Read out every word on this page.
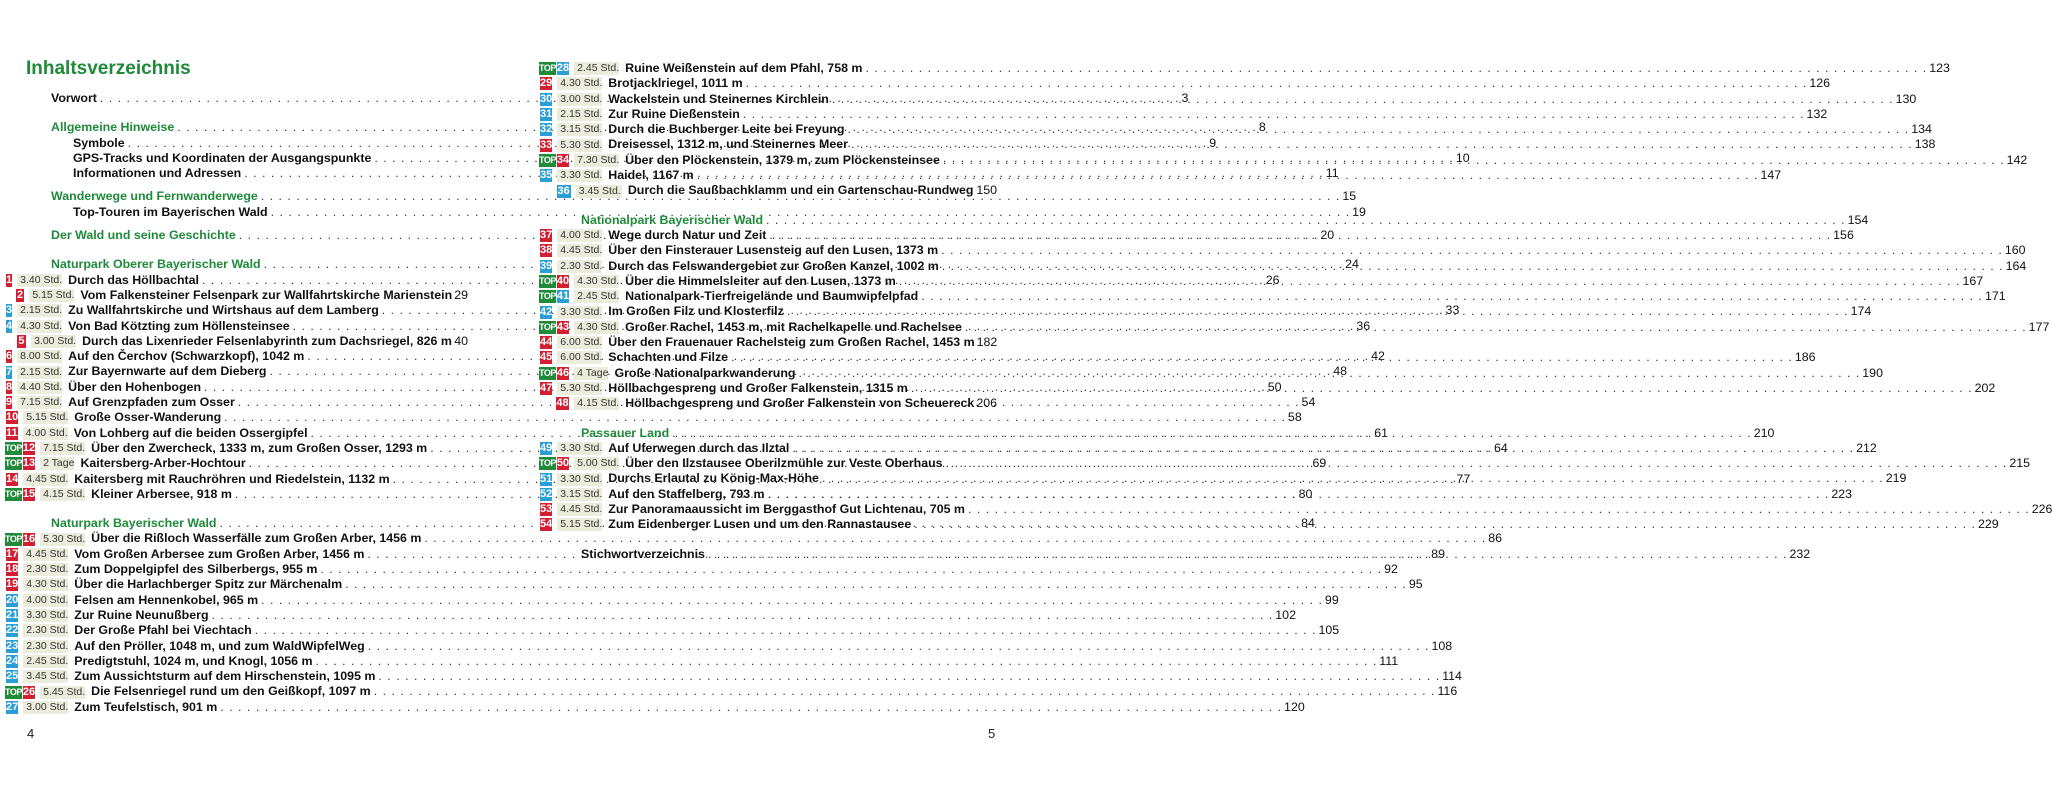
Inhaltsverzeichnis
Vorwort . . .	3
Allgemeine Hinweise . . .	8
Symbole . . .	9
GPS-Tracks und Koordinaten der Ausgangspunkte . . .	10
Informationen und Adressen . . .	11
Wanderwege und Fernwanderwege . . .	15
Top-Touren im Bayerischen Wald . . .	19
Der Wald und seine Geschichte . . .	20
Naturpark Oberer Bayerischer Wald . . .	24
1 3.40 Std. Durch das Höllbachtal . . .	26
2 5.15 Std. Vom Falkensteiner Felsenpark zur Wallfahrtskirche Marienstein 29
3 2.15 Std. Zu Wallfahrtskirche und Wirtshaus auf dem Lamberg . . .	33
4 4.30 Std. Von Bad Kötzting zum Höllensteinsee . . .	36
5 3.00 Std. Durch das Lixenrieder Felsenlabyrinth zum Dachsriegel, 826 m 40
6 8.00 Std. Auf den Čerchov (Schwarzkopf), 1042 m . . .	42
7 2.15 Std. Zur Bayernwarte auf dem Dieberg . . .	48
8 4.40 Std. Über den Hohenbogen . . .	50
9 7.15 Std. Auf Grenzpfaden zum Osser . . .	54
10 5.15 Std. Große Osser-Wanderung . . .	58
11 4.00 Std. Von Lohberg auf die beiden Ossergipfel . . .	61
TOP 12 7.15 Std. Über den Zwercheck, 1333 m, zum Großen Osser, 1293 m . . .	64
TOP 13 2 Tage Kaitersberg-Arber-Hochtour . . .	69
14 4.45 Std. Kaitersberg mit Rauchröhren und Riedelstein, 1132 m . . .	77
TOP 15 4.15 Std. Kleiner Arbersee, 918 m . . .	80
Naturpark Bayerischer Wald . . .	84
TOP 16 5.30 Std. Über die Rißloch Wasserfälle zum Großen Arber, 1456 m . . .	86
17 4.45 Std. Vom Großen Arbersee zum Großen Arber, 1456 m . . .	89
18 2.30 Std. Zum Doppelgipfel des Silberbergs, 955 m . . .	92
19 4.30 Std. Über die Harlachberger Spitz zur Märchenalm . . .	95
20 4.00 Std. Felsen am Hennenkobel, 965 m . . .	99
21 3.30 Std. Zur Ruine Neunußberg . . .	102
22 2.30 Std. Der Große Pfahl bei Viechtach . . .	105
23 2.30 Std. Auf den Pröller, 1048 m, und zum WaldWipfelWeg . . .	108
24 2.45 Std. Predigtstuhl, 1024 m, und Knogl, 1056 m . . .	111
25 3.45 Std. Zum Aussichtsturm auf dem Hirschenstein, 1095 m . . .	114
TOP 26 5.45 Std. Die Felsenriegel rund um den Geißkopf, 1097 m . . .	116
27 3.00 Std. Zum Teufelstisch, 901 m . . .	120
4
TOP 28 2.45 Std. Ruine Weißenstein auf dem Pfahl, 758 m . . .	123
29 4.30 Std. Brotjacklriegel, 1011 m . . .	126
30 3.00 Std. Wackelstein und Steinernes Kirchlein . . .	130
31 2.15 Std. Zur Ruine Dießenstein . . .	132
32 3.15 Std. Durch die Buchberger Leite bei Freyung . . .	134
33 5.30 Std. Dreisessel, 1312 m, und Steinernes Meer . . .	138
TOP 34 7.30 Std. Über den Plöckenstein, 1379 m, zum Plöckensteinsee . . .	142
35 3.30 Std. Haidel, 1167 m . . .	147
36 3.45 Std. Durch die Saußbachklamm und ein Gartenschau-Rundweg 150
Nationalpark Bayerischer Wald . . .	154
37 4.00 Std. Wege durch Natur und Zeit . . .	156
38 4.45 Std. Über den Finsterauer Lusensteig auf den Lusen, 1373 m . . .	160
39 2.30 Std. Durch das Felswandergebiet zur Großen Kanzel, 1002 m . . .	164
TOP 40 4.30 Std. Über die Himmelsleiter auf den Lusen, 1373 m . . .	167
TOP 41 2.45 Std. Nationalpark-Tierfreigelände und Baumwipfelpfad . . .	171
42 3.30 Std. Im Großen Filz und Klosterfilz . . .	174
TOP 43 4.30 Std. Großer Rachel, 1453 m, mit Rachelkapelle und Rachelsee . . .	177
44 6.00 Std. Über den Frauenauer Rachelsteig zum Großen Rachel, 1453 m 182
45 6.00 Std. Schachten und Filze . . .	186
TOP 46 4 Tage Große Nationalparkwanderung . . .	190
47 5.30 Std. Höllbachgespreng und Großer Falkenstein, 1315 m . . .	202
48 4.15 Std. Höllbachgespreng und Großer Falkenstein von Scheuereck 206
Passauer Land . . .	210
49 3.30 Std. Auf Uferwegen durch das Ilztal . . .	212
TOP 50 5.00 Std. Über den Ilzstausee Oberilzmühle zur Veste Oberhaus . . .	215
51 3.30 Std. Durchs Erlautal zu König-Max-Höhe . . .	219
52 3.15 Std. Auf den Staffelberg, 793 m . . .	223
53 4.45 Std. Zur Panoramaaussicht im Berggasthof Gut Lichtenau, 705 m . . .	226
54 5.15 Std. Zum Eidenberger Lusen und um den Rannastausee . . .	229
Stichwortverzeichnis . . .	232
5
